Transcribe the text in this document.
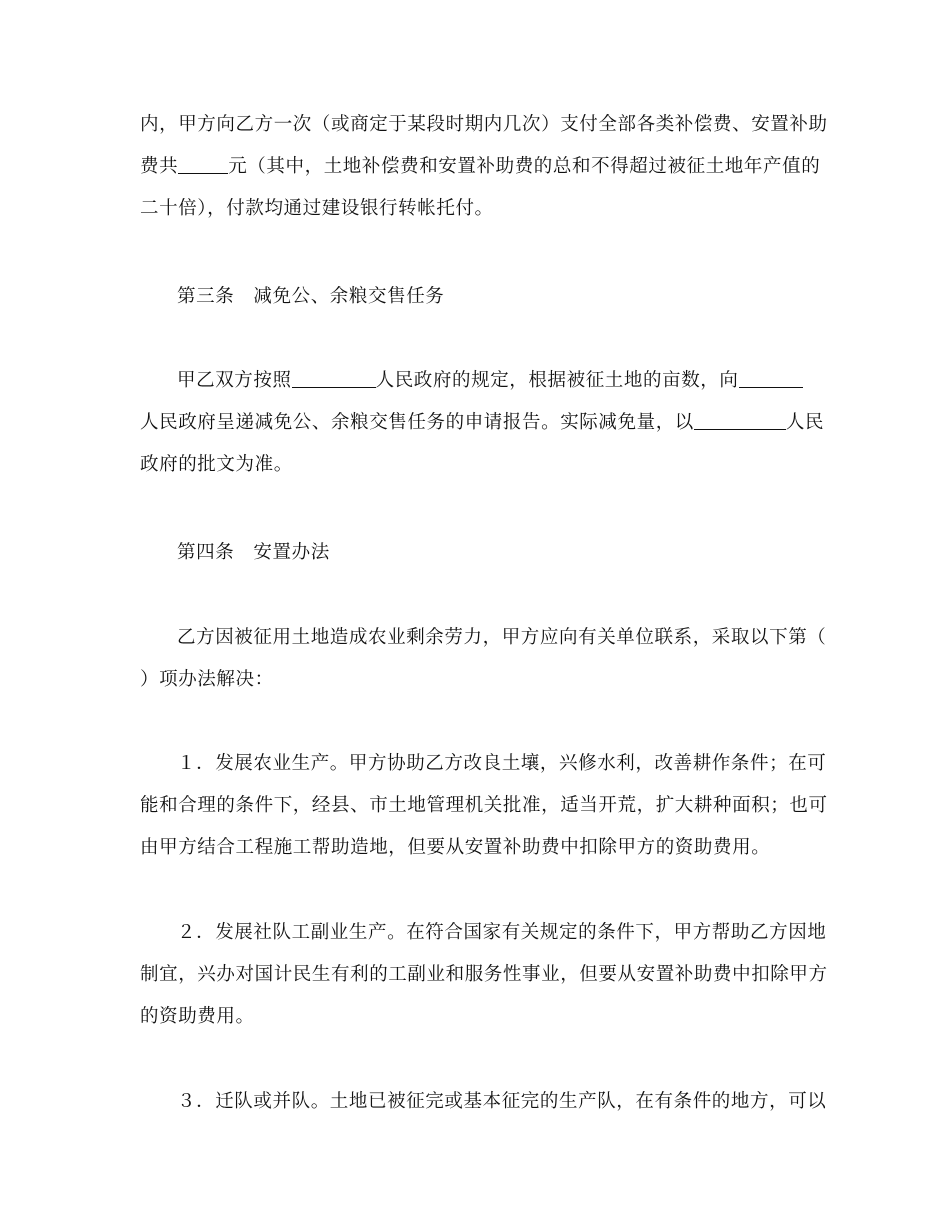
内，甲方向乙方一次（或商定于某段时期内几次）支付全部各类补偿费、安置补助
费共	元（其中，土地补偿费和安置补助费的总和不得超过被征土地年产值的
二十倍），付款均通过建设银行转帐托付。
第三条　减免公、余粮交售任务
甲乙双方按照	人民政府的规定，根据被征土地的亩数，向
人民政府呈递减免公、余粮交售任务的申请报告。实际减免量，以	人民
政府的批文为准。
第四条　安置办法
乙方因被征用土地造成农业剩余劳力，甲方应向有关单位联系，采取以下第（
）项办法解决：
１．发展农业生产。甲方协助乙方改良土壤，兴修水利，改善耕作条件；在可
能和合理的条件下，经县、市土地管理机关批准，适当开荒，扩大耕种面积；也可
由甲方结合工程施工帮助造地，但要从安置补助费中扣除甲方的资助费用。
２．发展社队工副业生产。在符合国家有关规定的条件下，甲方帮助乙方因地
制宜，兴办对国计民生有利的工副业和服务性事业，但要从安置补助费中扣除甲方
的资助费用。
３．迁队或并队。土地已被征完或基本征完的生产队，在有条件的地方，可以
